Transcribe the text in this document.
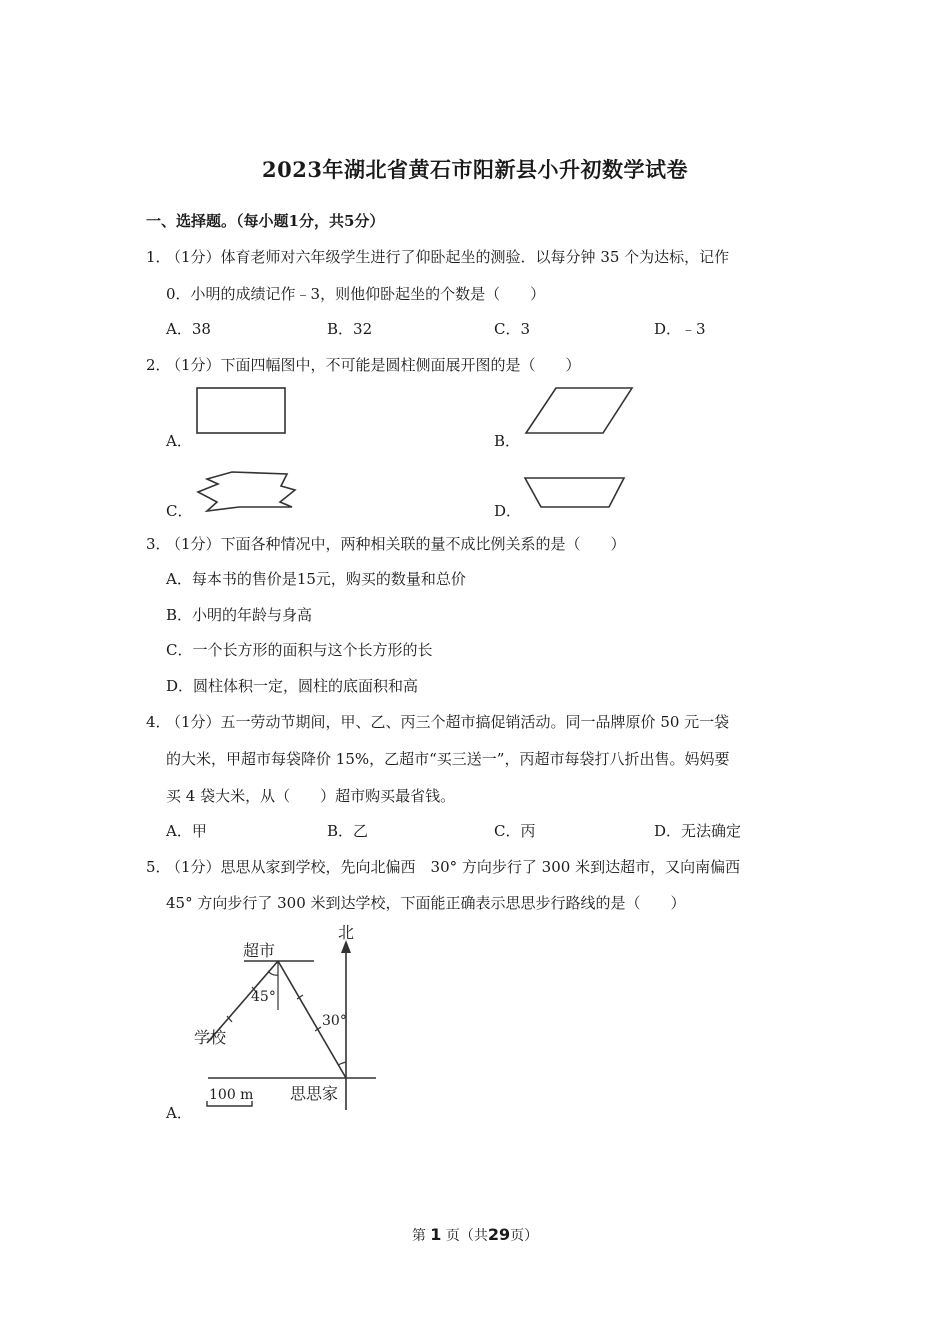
2023年湖北省黄石市阳新县小升初数学试卷
一、选择题。（每小题1分，共5分）
1．（1分）体育老师对六年级学生进行了仰卧起坐的测验．以每分钟 35 个为达标，记作
0．小明的成绩记作﹣3，则他仰卧起坐的个数是（　　）
A．38	B．32	C．3	D．﹣3
2．（1分）下面四幅图中，不可能是圆柱侧面展开图的是（　　）
A．	B．
C．	D．
3．（1分）下面各种情况中，两种相关联的量不成比例关系的是（　　）
A．每本书的售价是15元，购买的数量和总价
B．小明的年龄与身高
C．一个长方形的面积与这个长方形的长
D．圆柱体积一定，圆柱的底面积和高
4．（1分）五一劳动节期间，甲、乙、丙三个超市搞促销活动。同一品牌原价 50 元一袋
的大米，甲超市每袋降价 15%，乙超市“买三送一”，丙超市每袋打八折出售。妈妈要
买 4 袋大米，从（　　）超市购买最省钱。
A．甲	B．乙	C．丙	D．无法确定
5．（1分）思思从家到学校，先向北偏西　30° 方向步行了 300 米到达超市，又向南偏西
45° 方向步行了 300 米到达学校，下面能正确表示思思步行路线的是（　　）
A．
北
超市
45°
30°
学校
思思家
100 m
第 1 页（共29页）
